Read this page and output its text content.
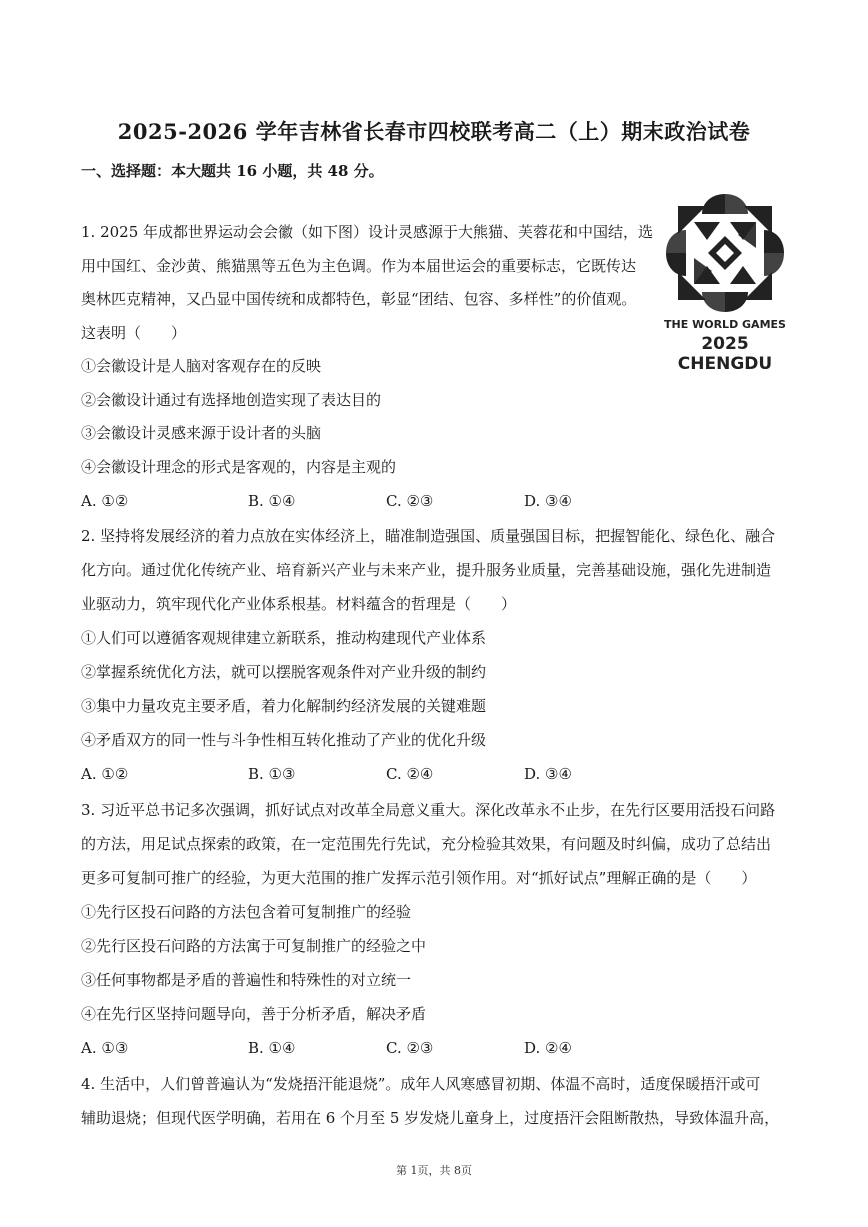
2025-2026 学年吉林省长春市四校联考高二（上）期末政治试卷
一、选择题：本大题共 16 小题，共 48 分。
1. 2025 年成都世界运动会会徽（如下图）设计灵感源于大熊猫、芙蓉花和中国结，选
用中国红、金沙黄、熊猫黑等五色为主色调。作为本届世运会的重要标志，它既传达
奥林匹克精神，又凸显中国传统和成都特色，彰显“团结、包容、多样性”的价值观。
这表明（　　）
①会徽设计是人脑对客观存在的反映
②会徽设计通过有选择地创造实现了表达目的
③会徽设计灵感来源于设计者的头脑
④会徽设计理念的形式是客观的，内容是主观的
A. ①②	B. ①④	C. ②③	D. ③④
THE WORLD GAMES
2025 CHENGDU
2. 坚持将发展经济的着力点放在实体经济上，瞄准制造强国、质量强国目标，把握智能化、绿色化、融合
化方向。通过优化传统产业、培育新兴产业与未来产业，提升服务业质量，完善基础设施，强化先进制造
业驱动力，筑牢现代化产业体系根基。材料蕴含的哲理是（　　）
①人们可以遵循客观规律建立新联系，推动构建现代产业体系
②掌握系统优化方法，就可以摆脱客观条件对产业升级的制约
③集中力量攻克主要矛盾，着力化解制约经济发展的关键难题
④矛盾双方的同一性与斗争性相互转化推动了产业的优化升级
A. ①②	B. ①③	C. ②④	D. ③④
3. 习近平总书记多次强调，抓好试点对改革全局意义重大。深化改革永不止步，在先行区要用活投石问路
的方法，用足试点探索的政策，在一定范围先行先试，充分检验其效果，有问题及时纠偏，成功了总结出
更多可复制可推广的经验，为更大范围的推广发挥示范引领作用。对“抓好试点”理解正确的是（　　）
①先行区投石问路的方法包含着可复制推广的经验
②先行区投石问路的方法寓于可复制推广的经验之中
③任何事物都是矛盾的普遍性和特殊性的对立统一
④在先行区坚持问题导向，善于分析矛盾，解决矛盾
A. ①③	B. ①④	C. ②③	D. ②④
4. 生活中，人们曾普遍认为“发烧捂汗能退烧”。成年人风寒感冒初期、体温不高时，适度保暖捂汗或可
辅助退烧；但现代医学明确，若用在 6 个月至 5 岁发烧儿童身上，过度捂汗会阻断散热，导致体温升高，
第 1页，共 8页
